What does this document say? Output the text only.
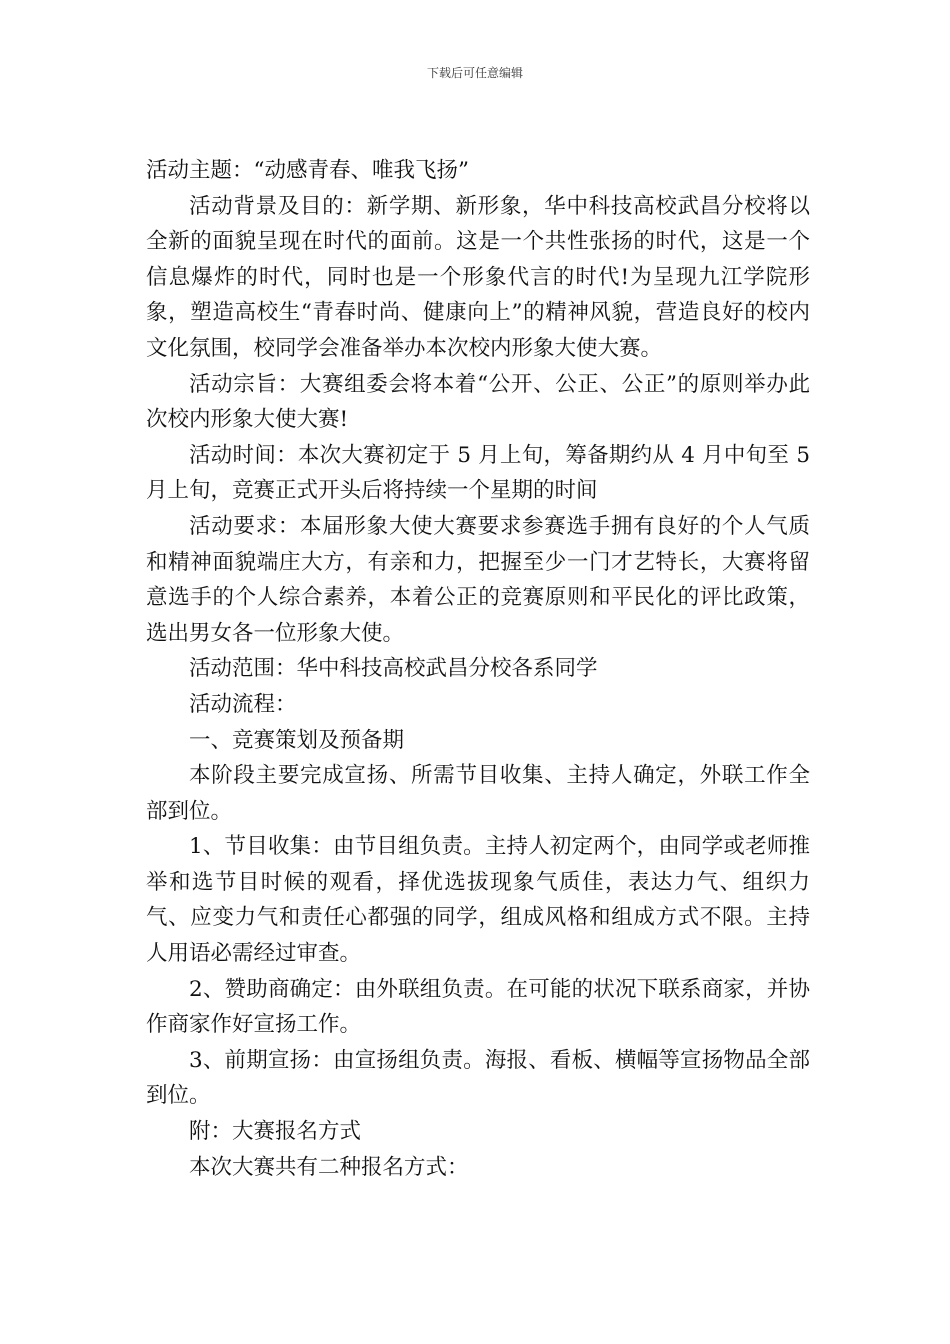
下载后可任意编辑

活动主题：“动感青春、唯我飞扬”

活动背景及目的：新学期、新形象，华中科技高校武昌分校将以全新的面貌呈现在时代的面前。这是一个共性张扬的时代，这是一个信息爆炸的时代，同时也是一个形象代言的时代!为呈现九江学院形象，塑造高校生“青春时尚、健康向上”的精神风貌，营造良好的校内文化氛围，校同学会准备举办本次校内形象大使大赛。

活动宗旨：大赛组委会将本着“公开、公正、公正”的原则举办此次校内形象大使大赛!

活动时间：本次大赛初定于 5 月上旬，筹备期约从 4 月中旬至 5 月上旬，竞赛正式开头后将持续一个星期的时间

活动要求：本届形象大使大赛要求参赛选手拥有良好的个人气质和精神面貌端庄大方，有亲和力，把握至少一门才艺特长，大赛将留意选手的个人综合素养，本着公正的竞赛原则和平民化的评比政策，选出男女各一位形象大使。

活动范围：华中科技高校武昌分校各系同学

活动流程：

一、竞赛策划及预备期

本阶段主要完成宣扬、所需节目收集、主持人确定，外联工作全部到位。

1、节目收集：由节目组负责。主持人初定两个，由同学或老师推举和选节目时候的观看，择优选拔现象气质佳，表达力气、组织力气、应变力气和责任心都强的同学，组成风格和组成方式不限。主持人用语必需经过审查。

2、赞助商确定：由外联组负责。在可能的状况下联系商家，并协作商家作好宣扬工作。

3、前期宣扬：由宣扬组负责。海报、看板、横幅等宣扬物品全部到位。

附：大赛报名方式

本次大赛共有二种报名方式：
